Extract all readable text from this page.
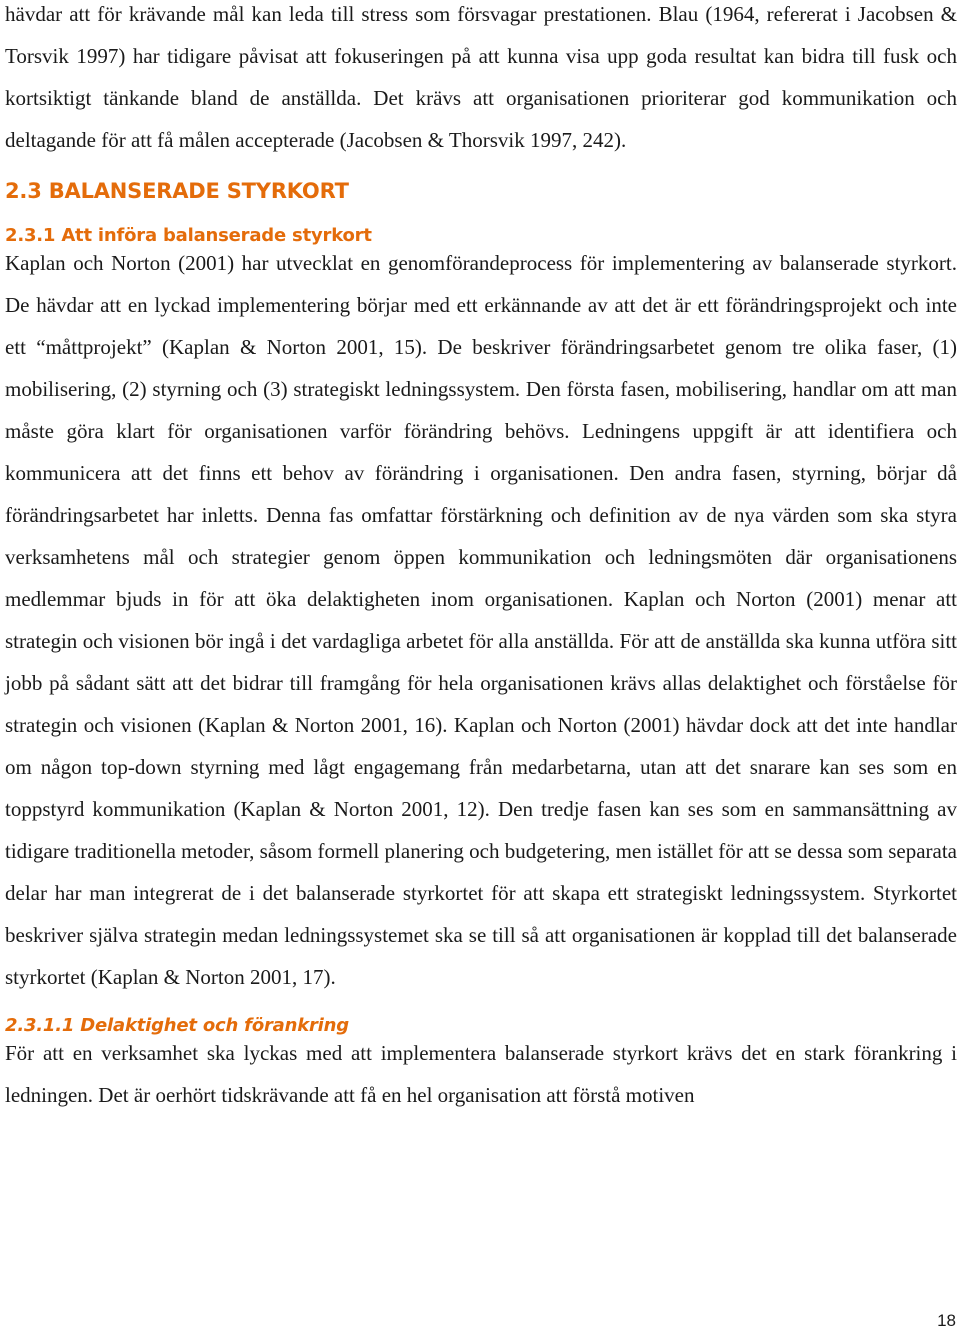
hävdar att för krävande mål kan leda till stress som försvagar prestationen. Blau (1964, refererat i Jacobsen & Torsvik 1997) har tidigare påvisat att fokuseringen på att kunna visa upp goda resultat kan bidra till fusk och kortsiktigt tänkande bland de anställda. Det krävs att organisationen prioriterar god kommunikation och deltagande för att få målen accepterade (Jacobsen & Thorsvik 1997, 242).

2.3 BALANSERADE STYRKORT
2.3.1 Att införa balanserade styrkort

Kaplan och Norton (2001) har utvecklat en genomförandeprocess för implementering av balanserade styrkort. De hävdar att en lyckad implementering börjar med ett erkännande av att det är ett förändringsprojekt och inte ett “måttprojekt” (Kaplan & Norton 2001, 15). De beskriver förändringsarbetet genom tre olika faser, (1) mobilisering, (2) styrning och (3) strategiskt ledningssystem. Den första fasen, mobilisering, handlar om att man måste göra klart för organisationen varför förändring behövs. Ledningens uppgift är att identifiera och kommunicera att det finns ett behov av förändring i organisationen. Den andra fasen, styrning, börjar då förändringsarbetet har inletts. Denna fas omfattar förstärkning och definition av de nya värden som ska styra verksamhetens mål och strategier genom öppen kommunikation och ledningsmöten där organisationens medlemmar bjuds in för att öka delaktigheten inom organisationen. Kaplan och Norton (2001) menar att strategin och visionen bör ingå i det vardagliga arbetet för alla anställda. För att de anställda ska kunna utföra sitt jobb på sådant sätt att det bidrar till framgång för hela organisationen krävs allas delaktighet och förståelse för strategin och visionen (Kaplan & Norton 2001, 16). Kaplan och Norton (2001) hävdar dock att det inte handlar om någon top-down styrning med lågt engagemang från medarbetarna, utan att det snarare kan ses som en toppstyrd kommunikation (Kaplan & Norton 2001, 12). Den tredje fasen kan ses som en sammansättning av tidigare traditionella metoder, såsom formell planering och budgetering, men istället för att se dessa som separata delar har man integrerat de i det balanserade styrkortet för att skapa ett strategiskt ledningssystem. Styrkortet beskriver själva strategin medan ledningssystemet ska se till så att organisationen är kopplad till det balanserade styrkortet (Kaplan & Norton 2001, 17).

2.3.1.1 Delaktighet och förankring

För att en verksamhet ska lyckas med att implementera balanserade styrkort krävs det en stark förankring i ledningen. Det är oerhört tidskrävande att få en hel organisation att förstå motiven

18
